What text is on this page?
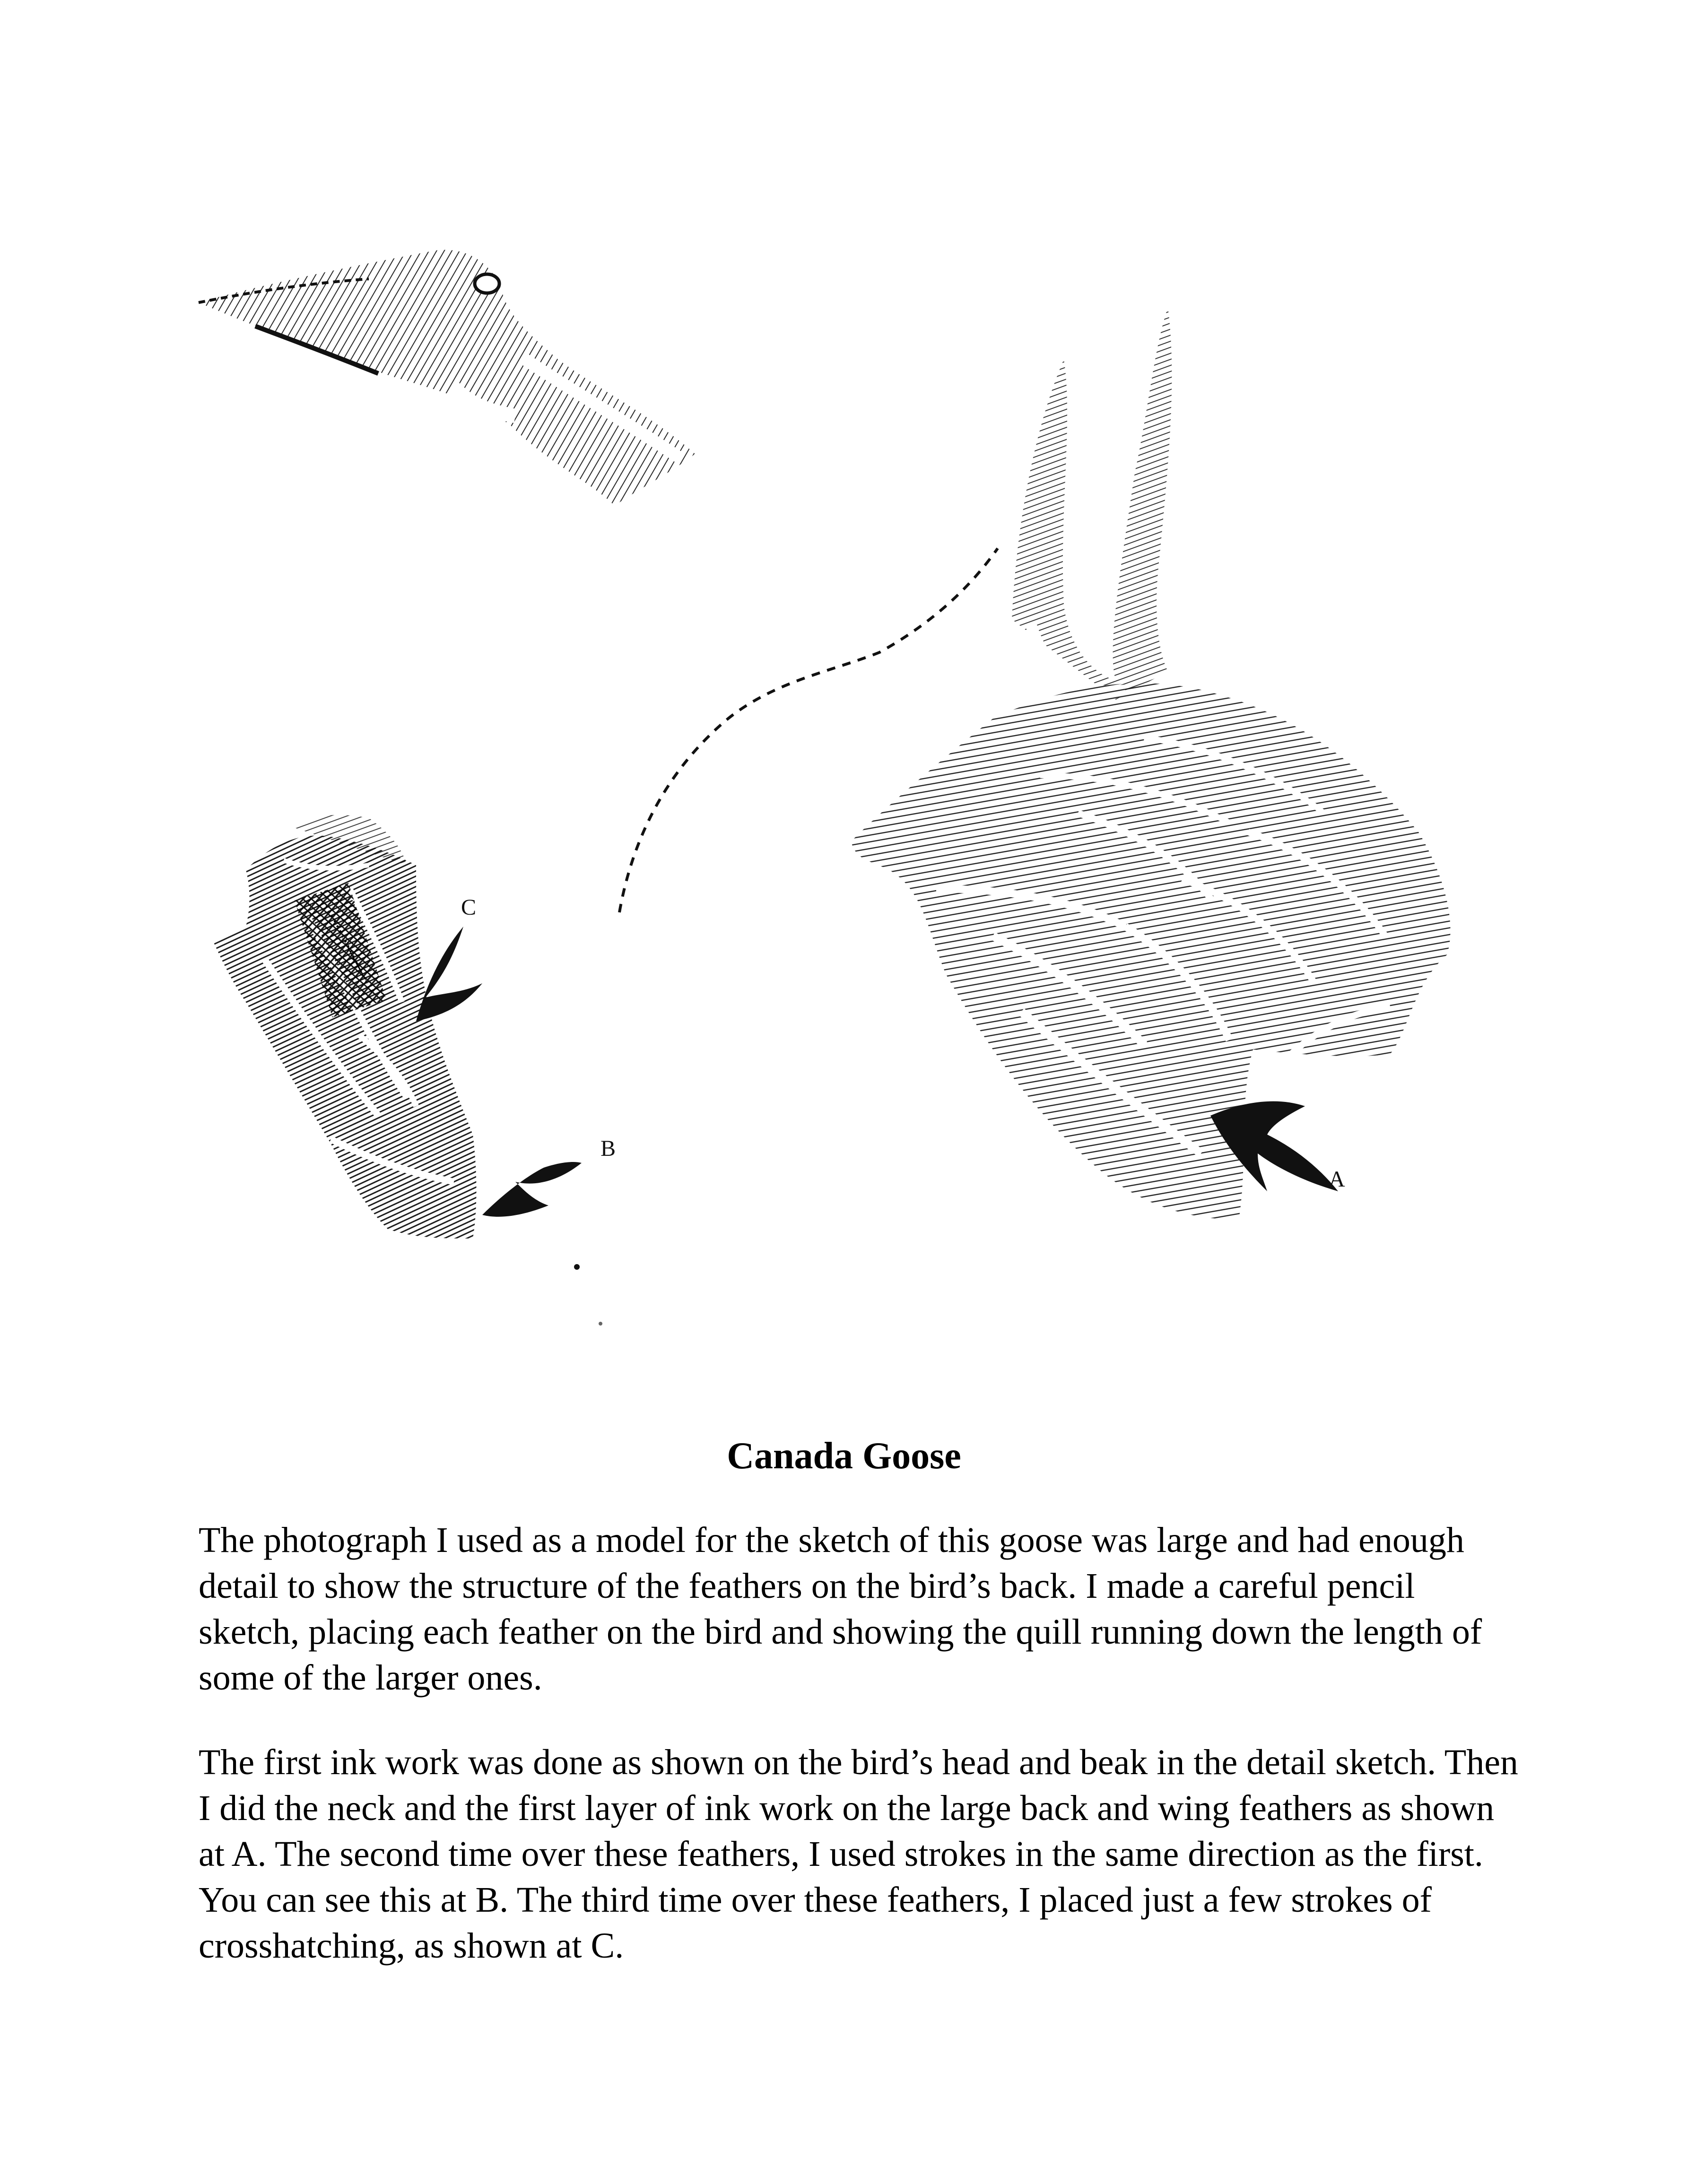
A
C
B
Canada Goose

The photograph I used as a model for the sketch of this goose was large and had enough detail to show the structure of the feathers on the bird’s back. I made a careful pencil sketch, placing each feather on the bird and showing the quill running down the length of some of the larger ones.

The first ink work was done as shown on the bird’s head and beak in the detail sketch. Then I did the neck and the first layer of ink work on the large back and wing feathers as shown at A. The second time over these feathers, I used strokes in the same direction as the first. You can see this at B. The third time over these feathers, I placed just a few strokes of crosshatching, as shown at C.
